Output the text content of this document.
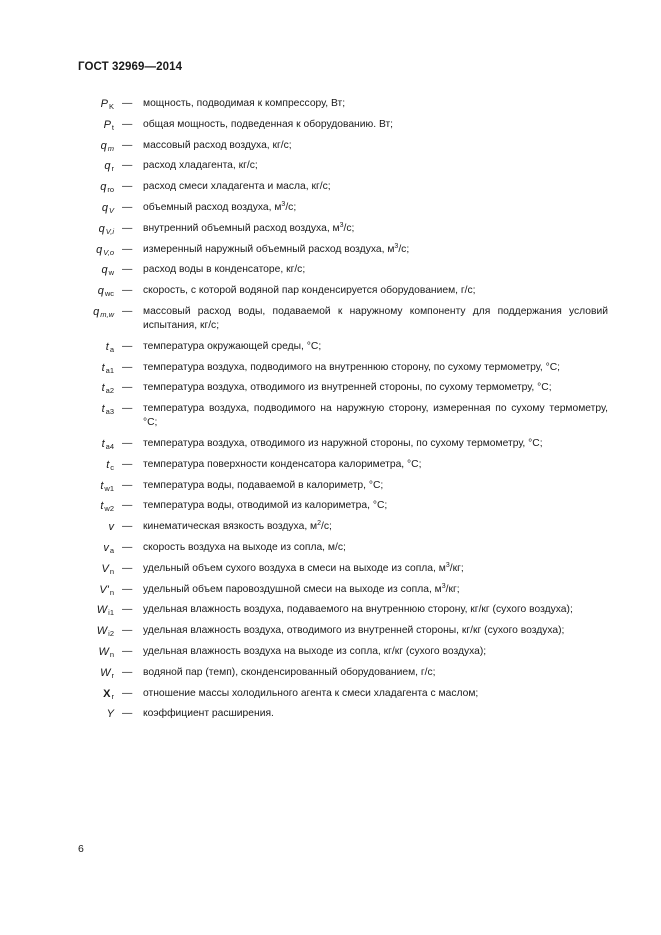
ГОСТ 32969—2014
PK —	мощность, подводимая к компрессору, Вт;
Pt —	общая мощность, подведенная к оборудованию. Вт;
qm —	массовый расход воздуха, кг/с;
qr —	расход хладагента, кг/с;
qro —	расход смеси хладагента и масла, кг/с;
qV —	объемный расход воздуха, $м^3/с$;
qV,i —	внутренний объемный расход воздуха, $м^3/с$;
qV,o —	измеренный наружный объемный расход воздуха, $м^3/с$;
qw —	расход воды в конденсаторе, кг/с;
qwc —	скорость, с которой водяной пар конденсируется оборудованием, г/с;
qm,w —	массовый расход воды, подаваемой к наружному компоненту для поддержания условий испытания, кг/с;
ta —	температура окружающей среды, °С;
ta1 —	температура воздуха, подводимого на внутреннюю сторону, по сухому термометру, °С;
ta2 —	температура воздуха, отводимого из внутренней стороны, по сухому термометру, °С;
ta3 —	температура воздуха, подводимого на наружную сторону, измеренная по сухому термометру, °С;
ta4 —	температура воздуха, отводимого из наружной стороны, по сухому термометру, °С;
tc —	температура поверхности конденсатора калориметра, °С;
tw1 —	температура воды, подаваемой в калориметр, °С;
tw2 —	температура воды, отводимой из калориметра, °С;
v —	кинематическая вязкость воздуха, $м^2/с$;
va —	скорость воздуха на выходе из сопла, м/с;
Vn —	удельный объем сухого воздуха в смеси на выходе из сопла, $м^3/кг$;
V'n —	удельный объем паровоздушной смеси на выходе из сопла, $м^3/кг$;
Wi1 —	удельная влажность воздуха, подаваемого на внутреннюю сторону, кг/кг (сухого воздуха);
Wi2 —	удельная влажность воздуха, отводимого из внутренней стороны, кг/кг (сухого воздуха);
Wn —	удельная влажность воздуха на выходе из сопла, кг/кг (сухого воздуха);
Wr —	водяной пар (темп), сконденсированный оборудованием, г/с;
Xr —	отношение массы холодильного агента к смеси хладагента с маслом;
Y —	коэффициент расширения.
6
